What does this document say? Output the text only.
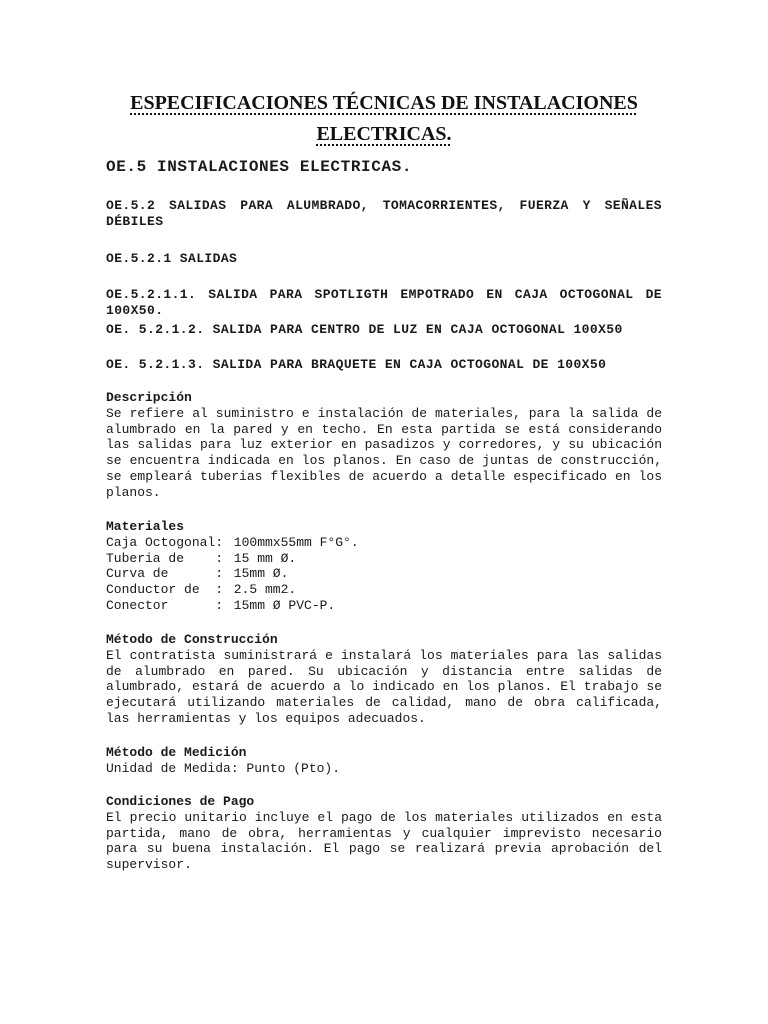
ESPECIFICACIONES TÉCNICAS DE INSTALACIONES
ELECTRICAS.
OE.5 INSTALACIONES ELECTRICAS.
OE.5.2 SALIDAS PARA ALUMBRADO, TOMACORRIENTES, FUERZA Y SEÑALES DÉBILES
OE.5.2.1 SALIDAS
OE.5.2.1.1. SALIDA PARA SPOTLIGTH EMPOTRADO EN CAJA OCTOGONAL DE 100X50.
OE. 5.2.1.2. SALIDA PARA CENTRO DE LUZ EN CAJA OCTOGONAL 100X50
OE. 5.2.1.3. SALIDA PARA BRAQUETE EN CAJA OCTOGONAL DE 100X50
Descripción
Se refiere al suministro e instalación de materiales, para la salida de alumbrado en la pared y en techo. En esta partida se está considerando las salidas para luz exterior en pasadizos y corredores, y su ubicación se encuentra indicada en los planos. En caso de juntas de construcción, se empleará tuberias flexibles de acuerdo a detalle especificado en los planos.
Materiales
Caja Octogonal: 100mmx55mm F°G°.
Tuberia de    : 15 mm Ø.
Curva de      : 15mm Ø.
Conductor de  : 2.5 mm2.
Conector      : 15mm Ø PVC-P.
Método de Construcción
El contratista suministrará e instalará los materiales para las salidas de alumbrado en pared. Su ubicación y distancia entre salidas de alumbrado, estará de acuerdo a lo indicado en los planos. El trabajo se ejecutará utilizando materiales de calidad, mano de obra calificada, las herramientas y los equipos adecuados.
Método de Medición
Unidad de Medida: Punto (Pto).
Condiciones de Pago
El precio unitario incluye el pago de los materiales utilizados en esta partida, mano de obra, herramientas y cualquier imprevisto necesario para su buena instalación. El pago se realizará previa aprobación del supervisor.
